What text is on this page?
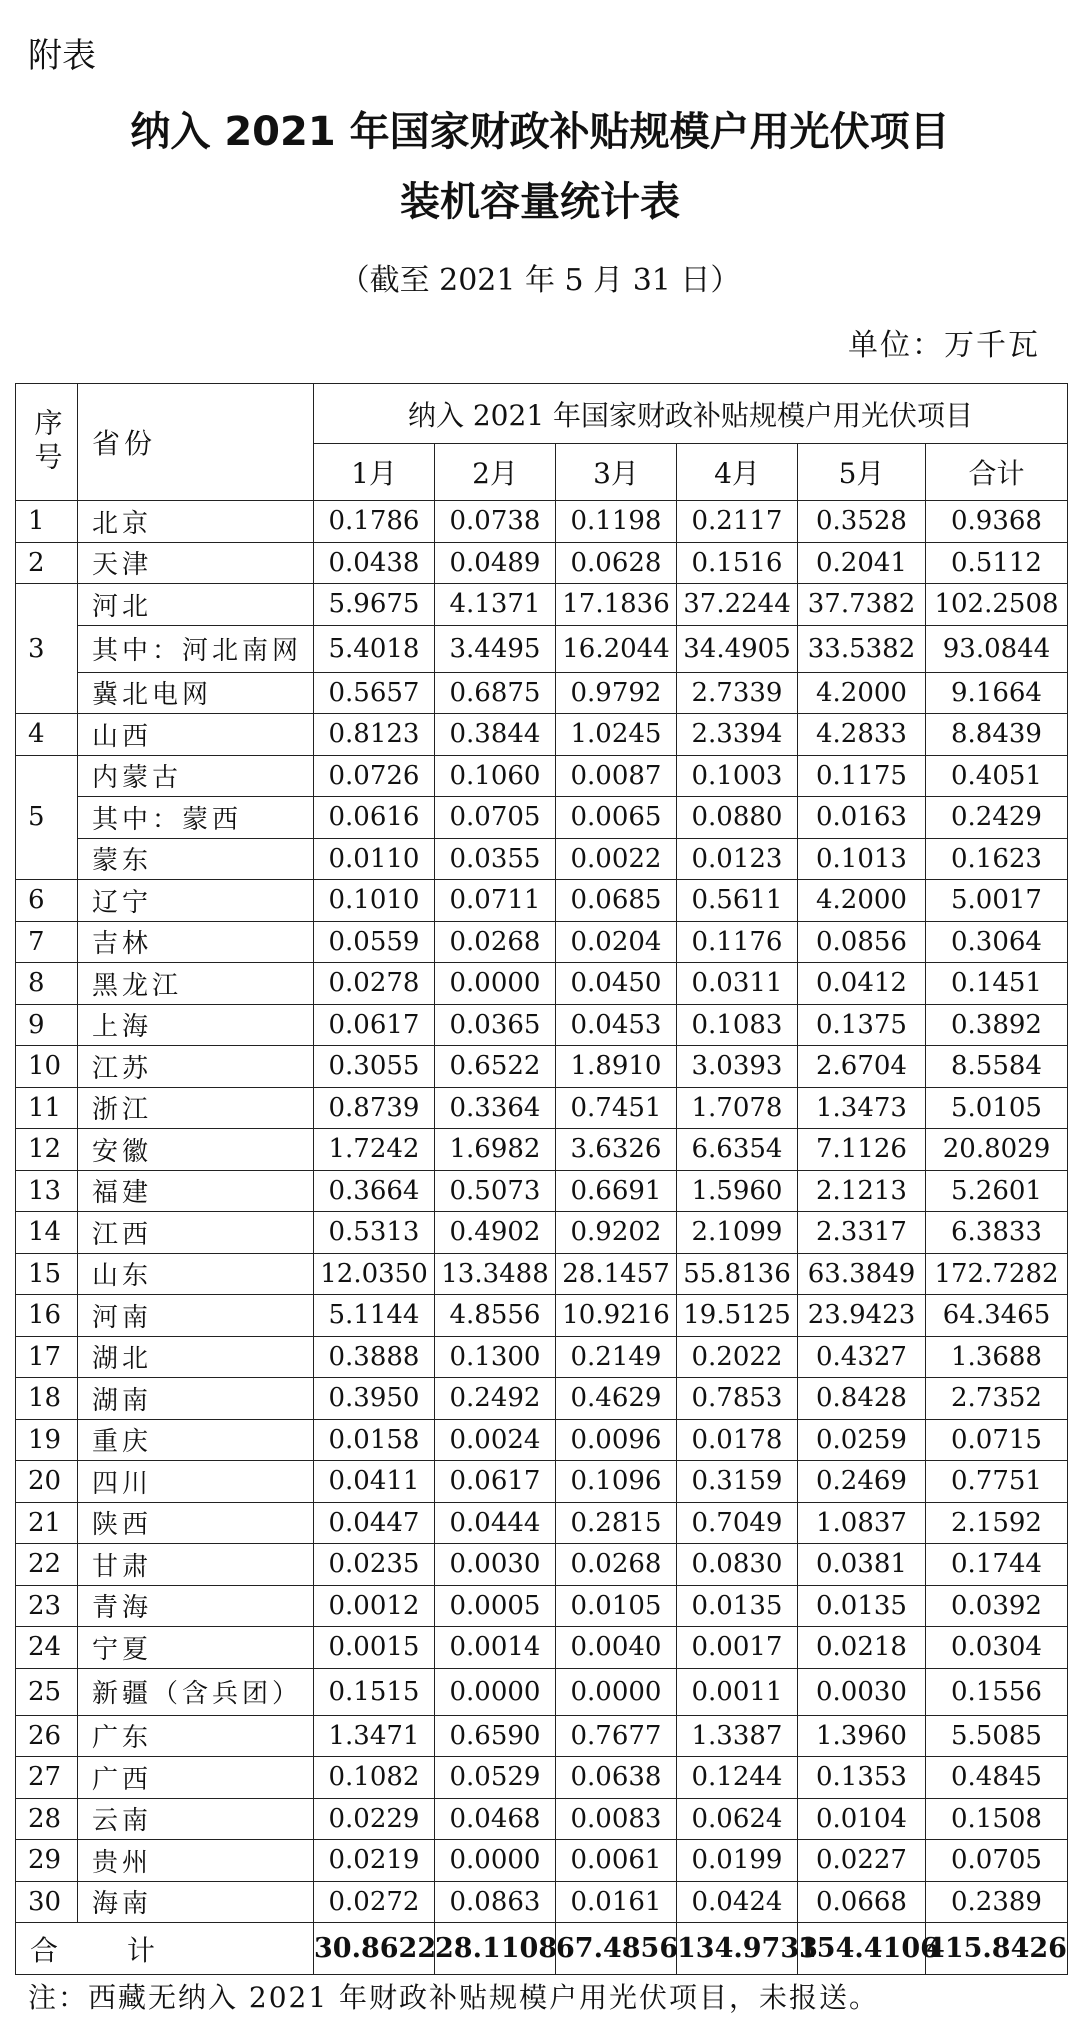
附表
纳入 2021 年国家财政补贴规模户用光伏项目
装机容量统计表
（截至 2021 年 5 月 31 日）
单位：万千瓦
序号	省份	纳入 2021 年国家财政补贴规模户用光伏项目					
		1月	2月	3月	4月	5月	合计
1	北京	0.1786	0.0738	0.1198	0.2117	0.3528	0.9368
2	天津	0.0438	0.0489	0.0628	0.1516	0.2041	0.5112
3	河北	5.9675	4.1371	17.1836	37.2244	37.7382	102.2508
	其中：河北南网	5.4018	3.4495	16.2044	34.4905	33.5382	93.0844
	冀北电网	0.5657	0.6875	0.9792	2.7339	4.2000	9.1664
4	山西	0.8123	0.3844	1.0245	2.3394	4.2833	8.8439
5	内蒙古	0.0726	0.1060	0.0087	0.1003	0.1175	0.4051
	其中：蒙西	0.0616	0.0705	0.0065	0.0880	0.0163	0.2429
	蒙东	0.0110	0.0355	0.0022	0.0123	0.1013	0.1623
6	辽宁	0.1010	0.0711	0.0685	0.5611	4.2000	5.0017
7	吉林	0.0559	0.0268	0.0204	0.1176	0.0856	0.3064
8	黑龙江	0.0278	0.0000	0.0450	0.0311	0.0412	0.1451
9	上海	0.0617	0.0365	0.0453	0.1083	0.1375	0.3892
10	江苏	0.3055	0.6522	1.8910	3.0393	2.6704	8.5584
11	浙江	0.8739	0.3364	0.7451	1.7078	1.3473	5.0105
12	安徽	1.7242	1.6982	3.6326	6.6354	7.1126	20.8029
13	福建	0.3664	0.5073	0.6691	1.5960	2.1213	5.2601
14	江西	0.5313	0.4902	0.9202	2.1099	2.3317	6.3833
15	山东	12.0350	13.3488	28.1457	55.8136	63.3849	172.7282
16	河南	5.1144	4.8556	10.9216	19.5125	23.9423	64.3465
17	湖北	0.3888	0.1300	0.2149	0.2022	0.4327	1.3688
18	湖南	0.3950	0.2492	0.4629	0.7853	0.8428	2.7352
19	重庆	0.0158	0.0024	0.0096	0.0178	0.0259	0.0715
20	四川	0.0411	0.0617	0.1096	0.3159	0.2469	0.7751
21	陕西	0.0447	0.0444	0.2815	0.7049	1.0837	2.1592
22	甘肃	0.0235	0.0030	0.0268	0.0830	0.0381	0.1744
23	青海	0.0012	0.0005	0.0105	0.0135	0.0135	0.0392
24	宁夏	0.0015	0.0014	0.0040	0.0017	0.0218	0.0304
25	新疆（含兵团）	0.1515	0.0000	0.0000	0.0011	0.0030	0.1556
26	广东	1.3471	0.6590	0.7677	1.3387	1.3960	5.5085
27	广西	0.1082	0.0529	0.0638	0.1244	0.1353	0.4845
28	云南	0.0229	0.0468	0.0083	0.0624	0.0104	0.1508
29	贵州	0.0219	0.0000	0.0061	0.0199	0.0227	0.0705
30	海南	0.0272	0.0863	0.0161	0.0424	0.0668	0.2389
合 计		30.8622	28.1108	67.4856	134.9733	154.4106	415.8426
注：西藏无纳入 2021 年财政补贴规模户用光伏项目，未报送。
